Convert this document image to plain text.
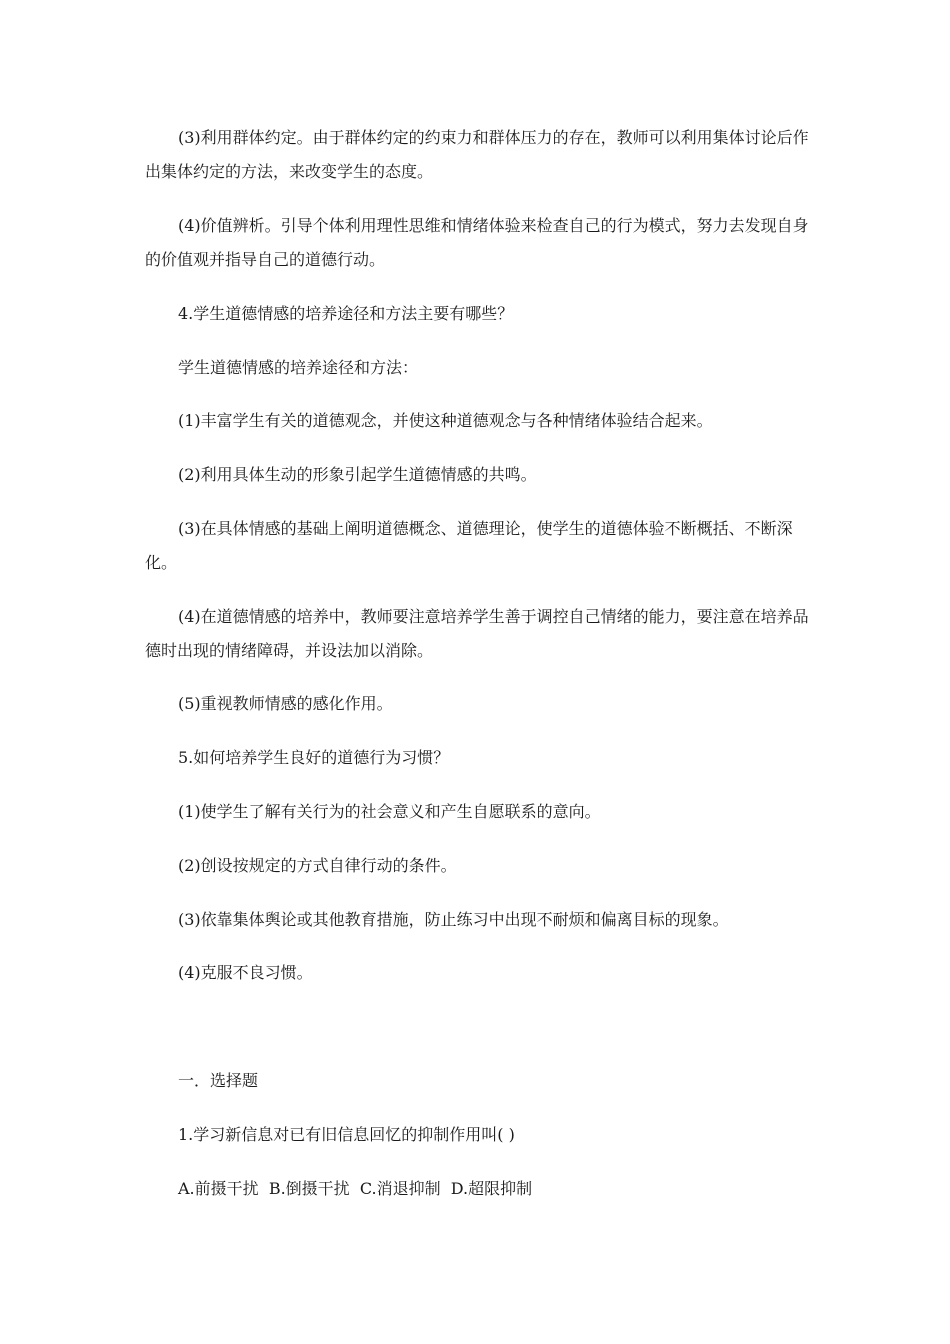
(3)利用群体约定。由于群体约定的约束力和群体压力的存在，教师可以利用集体讨论后作出集体约定的方法，来改变学生的态度。

(4)价值辨析。引导个体利用理性思维和情绪体验来检查自己的行为模式，努力去发现自身的价值观并指导自己的道德行动。

4.学生道德情感的培养途径和方法主要有哪些？

学生道德情感的培养途径和方法：

(1)丰富学生有关的道德观念，并使这种道德观念与各种情绪体验结合起来。

(2)利用具体生动的形象引起学生道德情感的共鸣。

(3)在具体情感的基础上阐明道德概念、道德理论，使学生的道德体验不断概括、不断深化。

(4)在道德情感的培养中，教师要注意培养学生善于调控自己情绪的能力，要注意在培养品德时出现的情绪障碍，并设法加以消除。

(5)重视教师情感的感化作用。

5.如何培养学生良好的道德行为习惯？

(1)使学生了解有关行为的社会意义和产生自愿联系的意向。

(2)创设按规定的方式自律行动的条件。

(3)依靠集体舆论或其他教育措施，防止练习中出现不耐烦和偏离目标的现象。

(4)克服不良习惯。

一．选择题

1.学习新信息对已有旧信息回忆的抑制作用叫( )

A.前摄干扰  B.倒摄干扰  C.消退抑制  D.超限抑制
